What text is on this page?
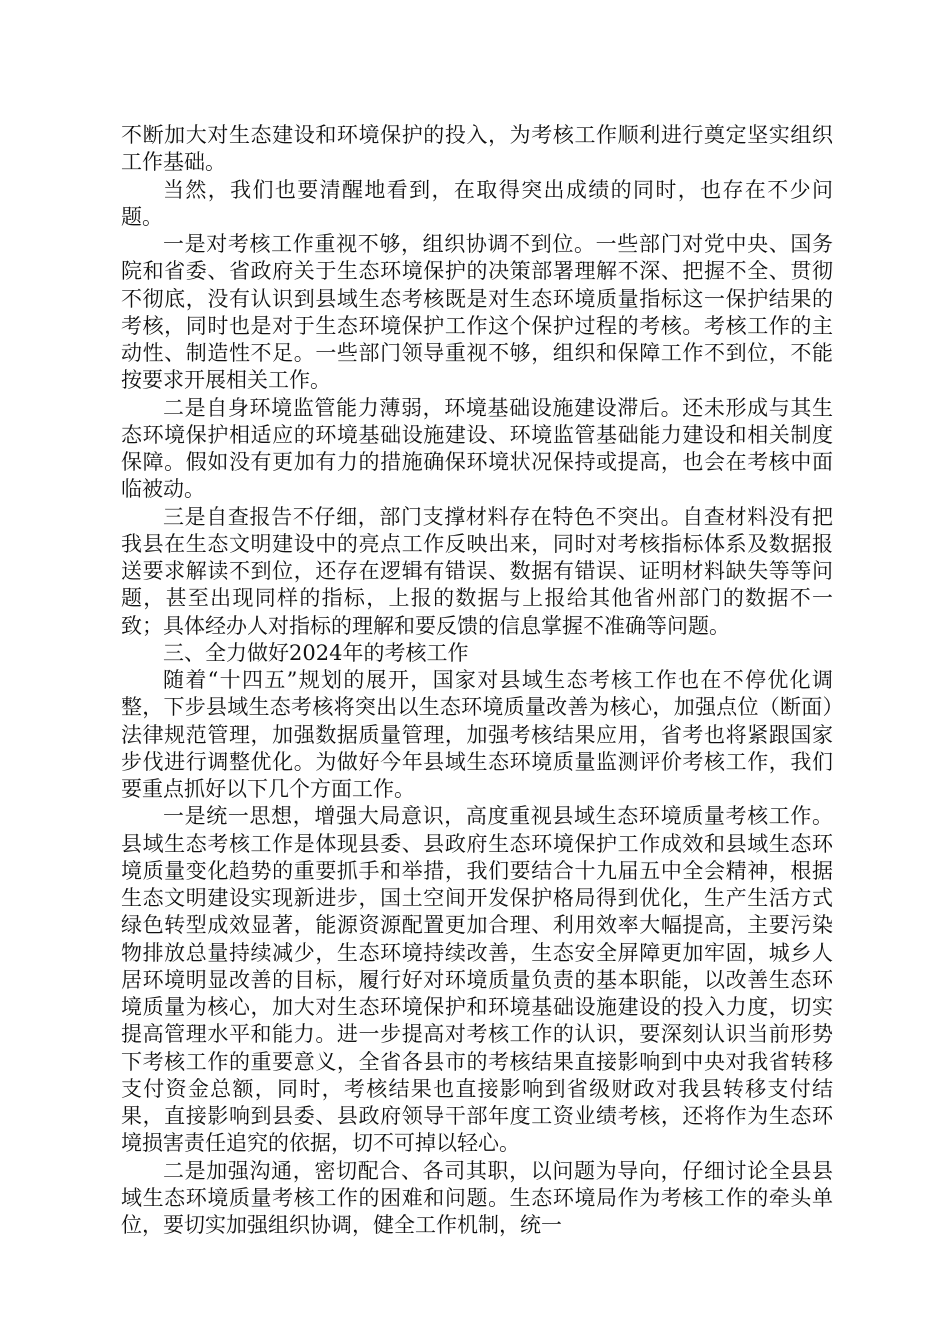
不断加大对生态建设和环境保护的投入，为考核工作顺利进行奠定坚实组织工作基础。

当然，我们也要清醒地看到，在取得突出成绩的同时，也存在不少问题。

一是对考核工作重视不够，组织协调不到位。一些部门对党中央、国务院和省委、省政府关于生态环境保护的决策部署理解不深、把握不全、贯彻不彻底，没有认识到县域生态考核既是对生态环境质量指标这一保护结果的考核，同时也是对于生态环境保护工作这个保护过程的考核。考核工作的主动性、制造性不足。一些部门领导重视不够，组织和保障工作不到位，不能按要求开展相关工作。

二是自身环境监管能力薄弱，环境基础设施建设滞后。还未形成与其生态环境保护相适应的环境基础设施建设、环境监管基础能力建设和相关制度保障。假如没有更加有力的措施确保环境状况保持或提高，也会在考核中面临被动。

三是自查报告不仔细，部门支撑材料存在特色不突出。自查材料没有把我县在生态文明建设中的亮点工作反映出来，同时对考核指标体系及数据报送要求解读不到位，还存在逻辑有错误、数据有错误、证明材料缺失等等问题，甚至出现同样的指标，上报的数据与上报给其他省州部门的数据不一致；具体经办人对指标的理解和要反馈的信息掌握不准确等问题。

三、全力做好2024年的考核工作

随着“十四五”规划的展开，国家对县域生态考核工作也在不停优化调整，下步县域生态考核将突出以生态环境质量改善为核心，加强点位（断面）法律规范管理，加强数据质量管理，加强考核结果应用，省考也将紧跟国家步伐进行调整优化。为做好今年县域生态环境质量监测评价考核工作，我们要重点抓好以下几个方面工作。

一是统一思想，增强大局意识，高度重视县域生态环境质量考核工作。县域生态考核工作是体现县委、县政府生态环境保护工作成效和县域生态环境质量变化趋势的重要抓手和举措，我们要结合十九届五中全会精神，根据生态文明建设实现新进步，国土空间开发保护格局得到优化，生产生活方式绿色转型成效显著，能源资源配置更加合理、利用效率大幅提高，主要污染物排放总量持续减少，生态环境持续改善，生态安全屏障更加牢固，城乡人居环境明显改善的目标，履行好对环境质量负责的基本职能，以改善生态环境质量为核心，加大对生态环境保护和环境基础设施建设的投入力度，切实提高管理水平和能力。进一步提高对考核工作的认识，要深刻认识当前形势下考核工作的重要意义，全省各县市的考核结果直接影响到中央对我省转移支付资金总额，同时，考核结果也直接影响到省级财政对我县转移支付结果，直接影响到县委、县政府领导干部年度工资业绩考核，还将作为生态环境损害责任追究的依据，切不可掉以轻心。

二是加强沟通，密切配合、各司其职，以问题为导向，仔细讨论全县县域生态环境质量考核工作的困难和问题。生态环境局作为考核工作的牵头单位，要切实加强组织协调，健全工作机制，统一
